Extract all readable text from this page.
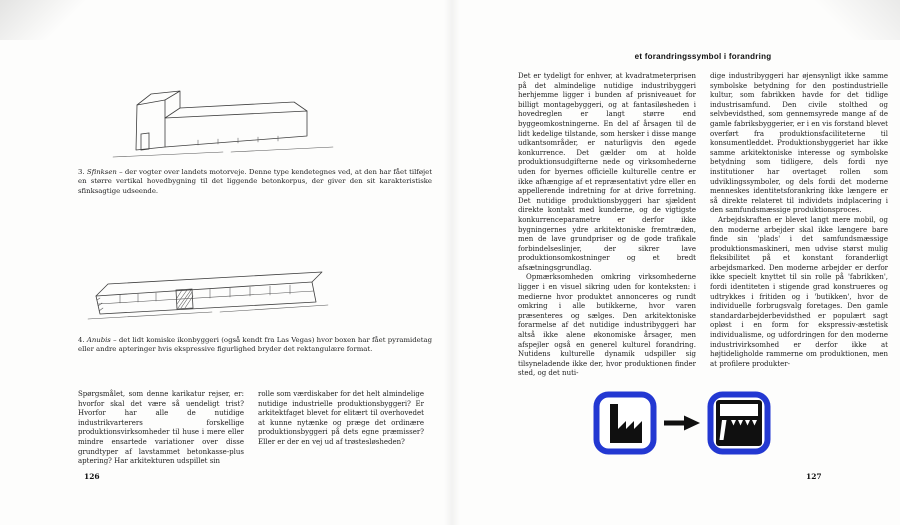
3. Sfinksen – der vogter over landets motorveje. Denne type kendetegnes ved, at den har fået tilføjet en større vertikal hovedbygning til det liggende betonkorpus, der giver den sit karakteristiske sfinksagtige udseende.

4. Anubis – det lidt komiske ikonbyggeri (også kendt fra Las Vegas) hvor boxen har fået pyramidetag eller andre apteringer hvis ekspressive figurlighed bryder det rektangulære format.

Spørgsmålet, som denne karikatur rejser, er: hvorfor skal det være så uendeligt trist? Hvorfor har alle de nutidige industrikvarterers forskellige produktionsvirksomheder til huse i mere eller mindre ensartede variationer over disse grundtyper af lavstammet betonkasse-plus aptering? Har arkitekturen udspillet sin

rolle som værdiskaber for det helt almindelige nutidige industrielle produktionsbyggeri? Er arkitektfaget blevet for elitært til overhovedet at kunne nytænke og præge det ordinære produktionsbyggeri på dets egne præmisser? Eller er der en vej ud af trøstesløsheden?

126
et forandringssymbol i forandring

Det er tydeligt for enhver, at kvadratmeterprisen på det almindelige nutidige industribyggeri herhjemme ligger i bunden af prisniveauet for billigt montagebyggeri, og at fantasiløsheden i hovedreglen er langt større end byggeomkostningerne. En del af årsagen til de lidt kedelige tilstande, som hersker i disse mange udkantsområder, er naturligvis den øgede konkurrence. Det gælder om at holde produktionsudgifterne nede og virksomhederne uden for byernes officielle kulturelle centre er ikke afhængige af et repræsentativt ydre eller en appellerende indretning for at drive forretning. Det nutidige produktionsbyggeri har sjældent direkte kontakt med kunderne, og de vigtigste konkurrenceparametre er derfor ikke bygningernes ydre arkitektoniske fremtræden, men de lave grundpriser og de gode trafikale forbindelseslinjer, der sikrer lave produktionsomkostninger og et bredt afsætningsgrundlag.

Opmærksomheden omkring virksomhederne ligger i en visuel sikring uden for konteksten: i medierne hvor produktet annonceres og rundt omkring i alle butikkerne, hvor varen præsenteres og sælges. Den arkitektoniske forarmelse af det nutidige industribyggeri har altså ikke alene økonomiske årsager, men afspejler også en generel kulturel forandring. Nutidens kulturelle dynamik udspiller sig tilsyneladende ikke der, hvor produktionen finder sted, og det nuti-

dige industribyggeri har øjensynligt ikke samme symbolske betydning for den postindustrielle kultur, som fabrikken havde for det tidlige industrisamfund. Den civile stolthed og selvbevidsthed, som gennemsyrede mange af de gamle fabriksbyggerier, er i en vis forstand blevet overført fra produktionsfaciliteterne til konsumentleddet. Produktionsbyggeriet har ikke samme arkitektoniske interesse og symbolske betydning som tidligere, dels fordi nye institutioner har overtaget rollen som udviklingssymboler, og dels fordi det moderne menneskes identitetsforankring ikke længere er så direkte relateret til individets indplacering i den samfundsmæssige produktionsproces.

Arbejdskraften er blevet langt mere mobil, og den moderne arbejder skal ikke længere bare finde sin 'plads' i det samfundsmæssige produktionsmaskineri, men udvise størst mulig fleksibilitet på et konstant foranderligt arbejdsmarked. Den moderne arbejder er derfor ikke specielt knyttet til sin rolle på 'fabrikken', fordi identiteten i stigende grad konstrueres og udtrykkes i fritiden og i 'butikken', hvor de individuelle forbrugsvalg foretages. Den gamle standardarbejderbevidsthed er populært sagt opløst i en form for ekspressiv-æstetisk individualisme, og udfordringen for den moderne industrivirksomhed er derfor ikke at højtideligholde rammerne om produktionen, men at profilere produkter-

127
